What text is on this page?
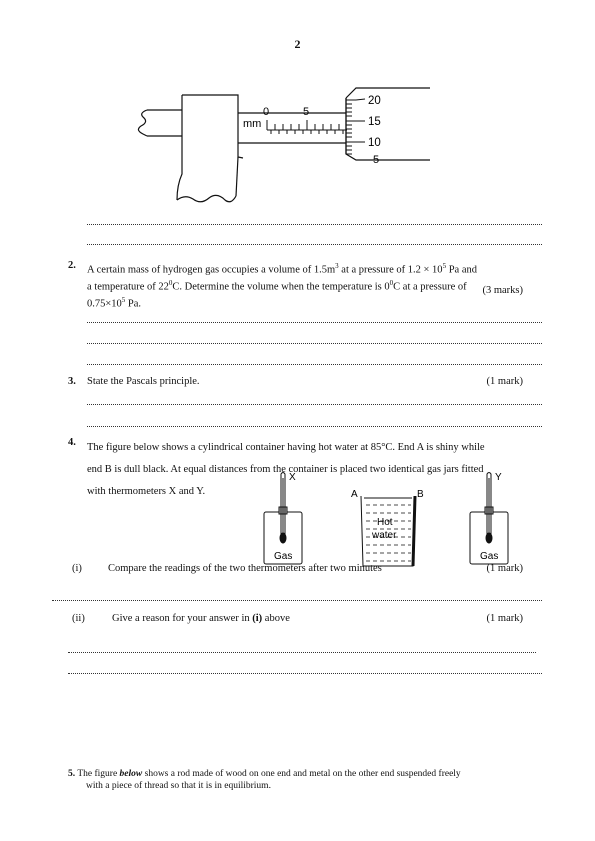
2
mm
0	5
20
15
10
5
2. A certain mass of hydrogen gas occupies a volume of $1.5m^3$ at a pressure of $1.2 \times 10^5$ Pa and
a temperature of $22^0C$. Determine the volume when the temperature is $0^0C$ at a pressure of
$0.75\times 10^5$ Pa.
(3 marks)
3. State the Pascals principle.	(1 mark)
4. The figure below shows a cylindrical container having hot water at 85°C. End A is shiny while
end B is dull black. At equal distances from the container is placed two identical gas jars fitted
with thermometers X and Y.
X	Y
A	B
Hot
water
Gas	Gas
(i) Compare the readings of the two thermometers after two minutes	(1 mark)
(ii)	Give a reason for your answer in (i) above	(1 mark)
5. The figure below shows a rod made of wood on one end and metal on the other end suspended freely
with a piece of thread so that it is in equilibrium.
